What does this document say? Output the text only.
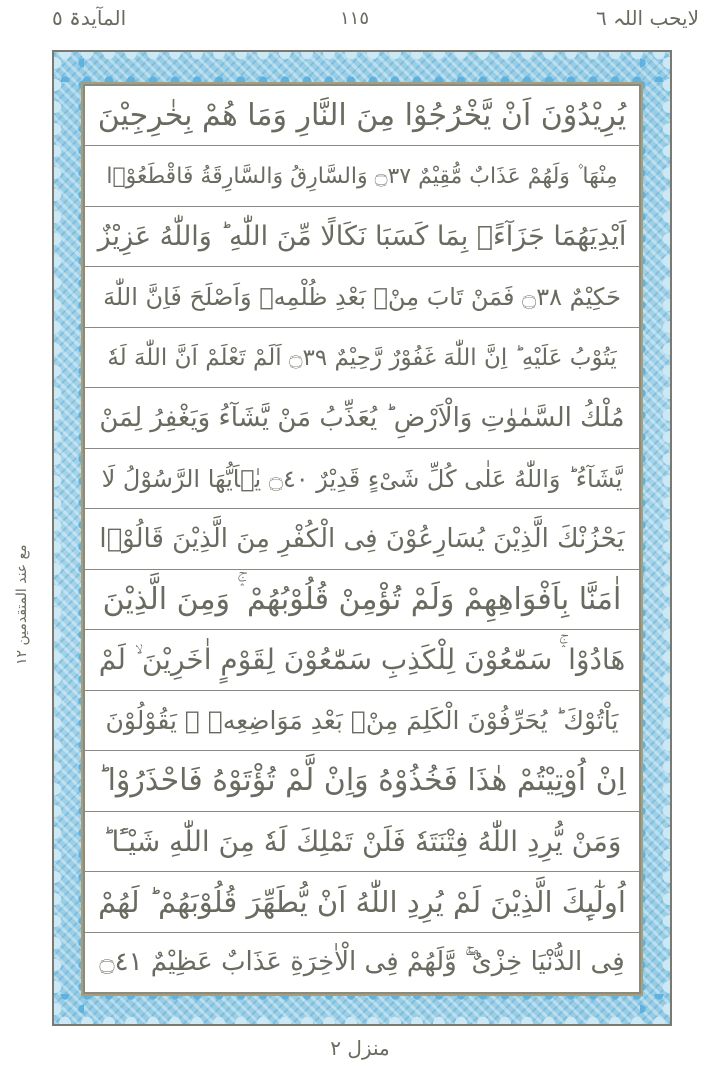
المآیدۃ ٥	١١٥	لایحب اللہ ٦
مع عند المتقدمین ١٢
یُرِیْدُوْنَ اَنْ یَّخْرُجُوْا مِنَ النَّارِ وَمَا هُمْ بِخٰرِجِیْنَ
مِنْهَا ۫ وَلَهُمْ عَذَابٌ مُّقِیْمٌ ۝٣٧ وَالسَّارِقُ وَالسَّارِقَةُ فَاقْطَعُوْۤا
اَیْدِیَهُمَا جَزَآءًۢ بِمَا كَسَبَا نَكَالًا مِّنَ اللّٰهِ ؕ وَاللّٰهُ عَزِیْزٌ
حَكِیْمٌ ۝٣٨ فَمَنْ تَابَ مِنْۢ بَعْدِ ظُلْمِهٖ وَاَصْلَحَ فَاِنَّ اللّٰهَ
یَتُوْبُ عَلَیْهِ ؕ اِنَّ اللّٰهَ غَفُوْرٌ رَّحِیْمٌ ۝٣٩ اَلَمْ تَعْلَمْ اَنَّ اللّٰهَ لَهٗ
مُلْكُ السَّمٰوٰتِ وَالْاَرْضِ ؕ یُعَذِّبُ مَنْ یَّشَآءُ وَیَغْفِرُ لِمَنْ
یَّشَآءُ ؕ وَاللّٰهُ عَلٰی كُلِّ شَیْءٍ قَدِیْرٌ ۝٤٠ یٰۤاَیُّهَا الرَّسُوْلُ لَا
یَحْزُنْكَ الَّذِیْنَ یُسَارِعُوْنَ فِی الْكُفْرِ مِنَ الَّذِیْنَ قَالُوْۤا
اٰمَنَّا بِاَفْوَاهِهِمْ وَلَمْ تُؤْمِنْ قُلُوْبُهُمْ ۛۚ وَمِنَ الَّذِیْنَ
هَادُوْا ۛۚ سَمّٰعُوْنَ لِلْكَذِبِ سَمّٰعُوْنَ لِقَوْمٍ اٰخَرِیْنَ ۙ لَمْ
یَاْتُوْكَ ؕ یُحَرِّفُوْنَ الْكَلِمَ مِنْۢ بَعْدِ مَوَاضِعِهٖ ۚ یَقُوْلُوْنَ
اِنْ اُوْتِیْتُمْ هٰذَا فَخُذُوْهُ وَاِنْ لَّمْ تُؤْتَوْهُ فَاحْذَرُوْا ؕ
وَمَنْ یُّرِدِ اللّٰهُ فِتْنَتَهٗ فَلَنْ تَمْلِكَ لَهٗ مِنَ اللّٰهِ شَیْـًٔا ؕ
اُولٰٓىِٕكَ الَّذِیْنَ لَمْ یُرِدِ اللّٰهُ اَنْ یُّطَهِّرَ قُلُوْبَهُمْ ؕ لَهُمْ
فِی الدُّنْیَا خِزْیٌ ۚۖ وَّلَهُمْ فِی الْاٰخِرَةِ عَذَابٌ عَظِیْمٌ ۝٤١
منزل ٢
